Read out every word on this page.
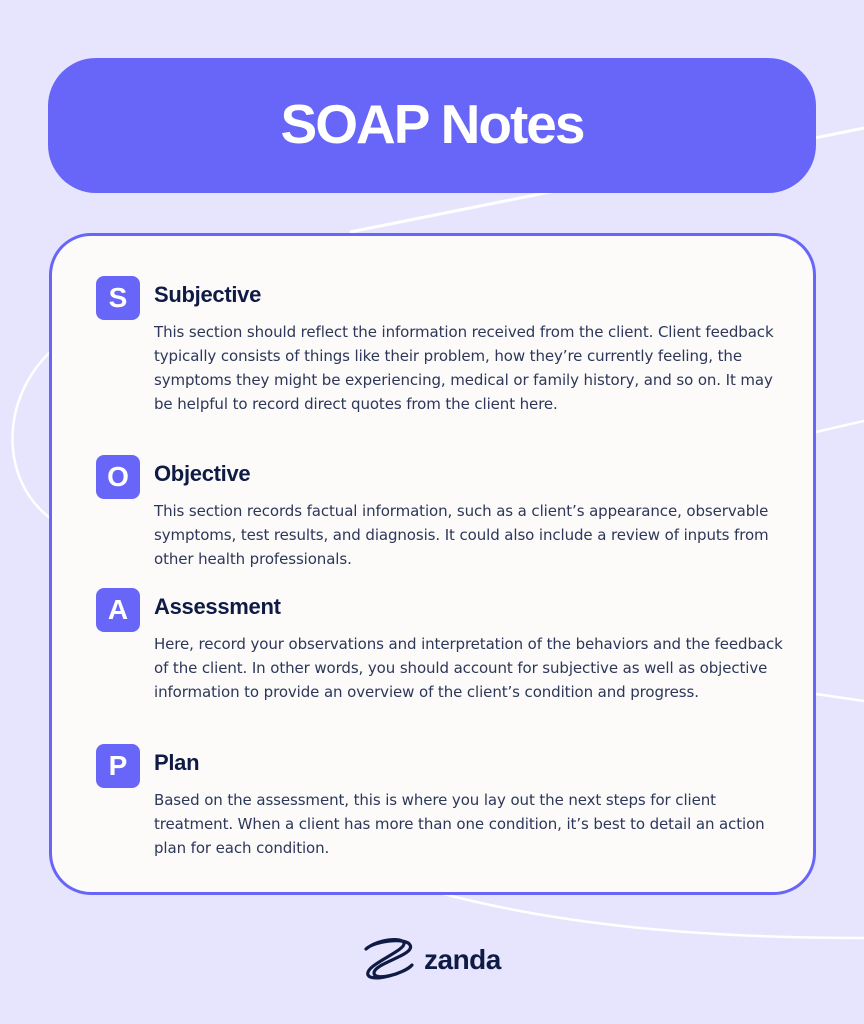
SOAP Notes
S	Subjective
This section should reflect the information received from the client. Client feedback typically consists of things like their problem, how they’re currently feeling, the symptoms they might be experiencing, medical or family history, and so on. It may be helpful to record direct quotes from the client here.
O	Objective
This section records factual information, such as a client’s appearance, observable symptoms, test results, and diagnosis. It could also include a review of inputs from other health professionals.
A	Assessment
Here, record your observations and interpretation of the behaviors and the feedback of the client. In other words, you should account for subjective as well as objective information to provide an overview of the client’s condition and progress.
P	Plan
Based on the assessment, this is where you lay out the next steps for client treatment. When a client has more than one condition, it’s best to detail an action plan for each condition.
zanda
